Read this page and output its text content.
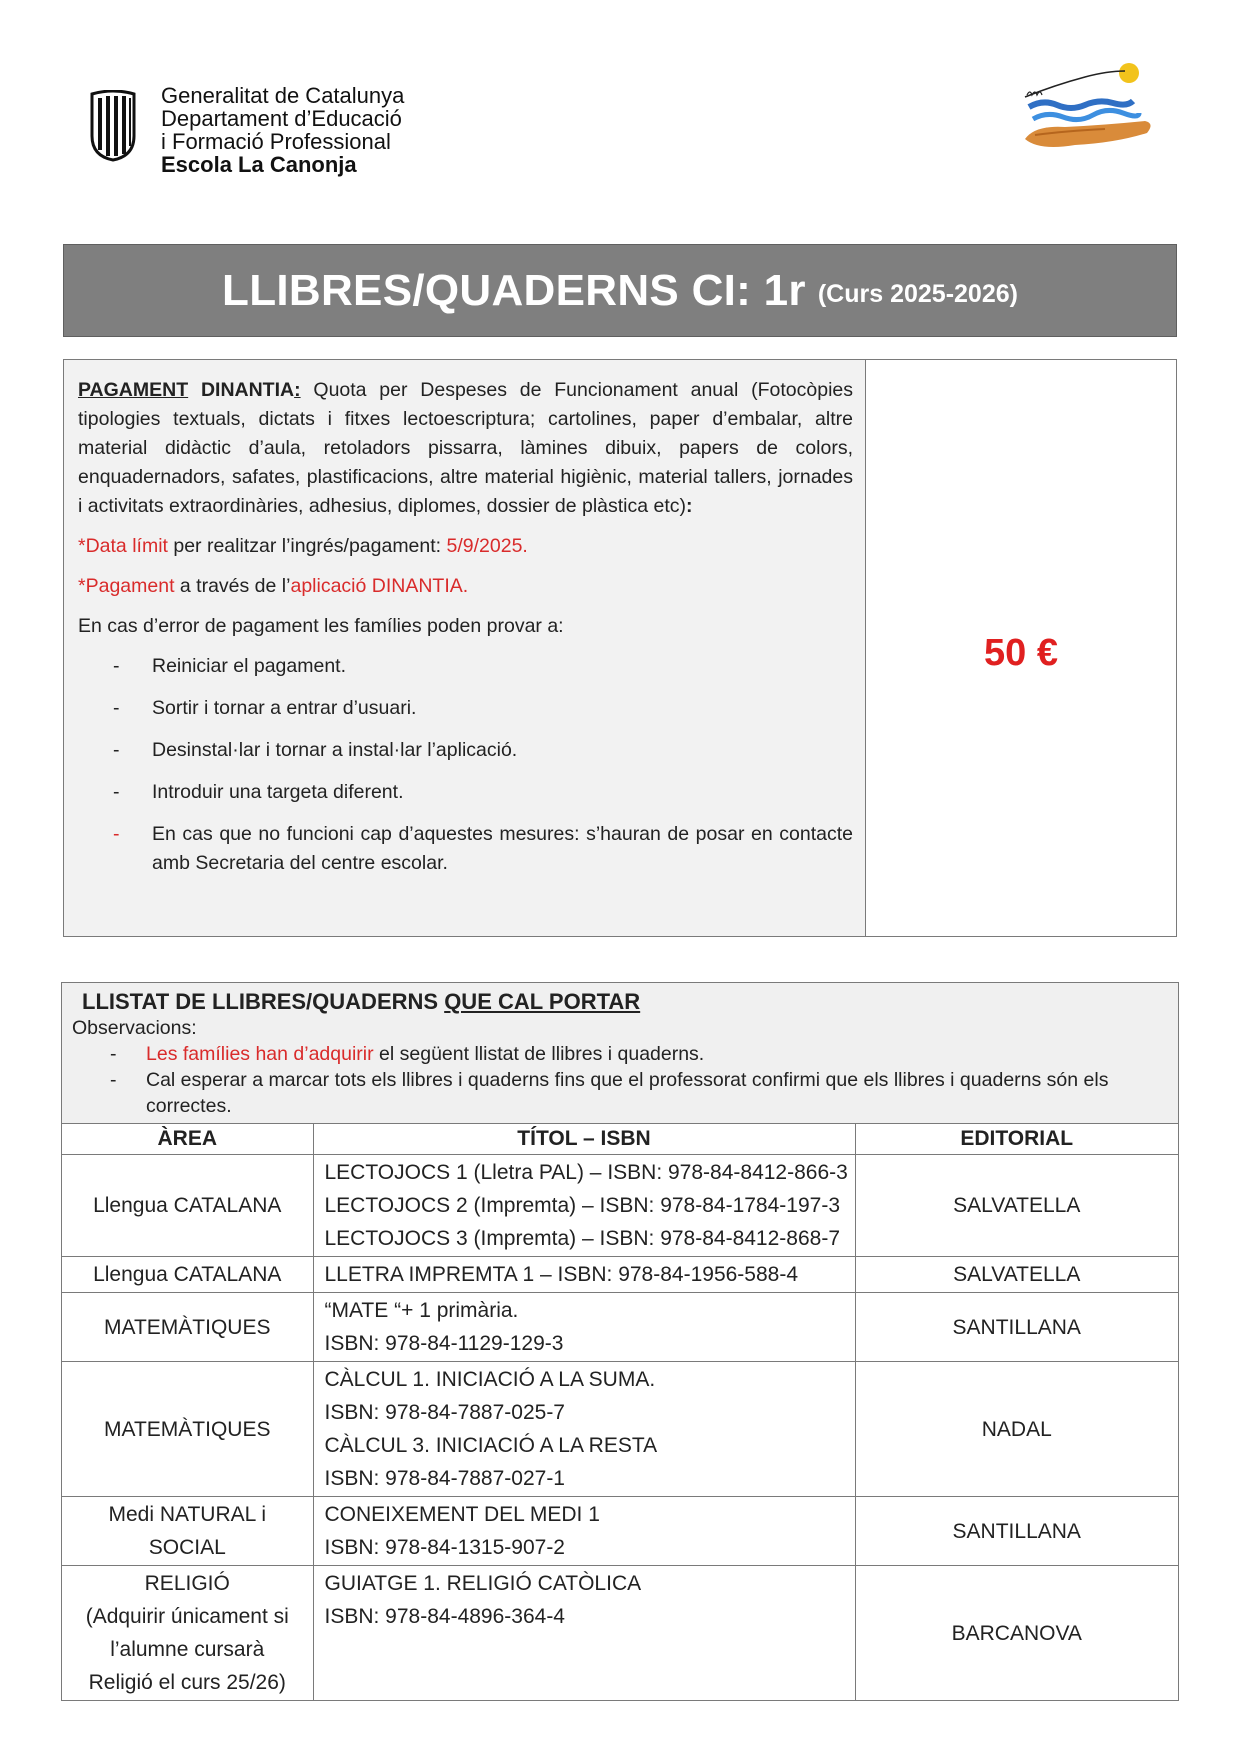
Generalitat de Catalunya
Departament d’Educació
i Formació Professional
Escola La Canonja
LLIBRES/QUADERNS CI: 1r (Curs 2025-2026)
PAGAMENT DINANTIA: Quota per Despeses de Funcionament anual (Fotocòpies tipologies textuals, dictats i fitxes lectoescriptura; cartolines, paper d’embalar, altre material didàctic d’aula, retoladors pissarra, làmines dibuix, papers de colors, enquadernadors, safates, plastificacions, altre material higiènic, material tallers, jornades i activitats extraordinàries, adhesius, diplomes, dossier de plàstica etc):
*Data límit per realitzar l’ingrés/pagament: 5/9/2025.
*Pagament a través de l’aplicació DINANTIA.
En cas d’error de pagament les famílies poden provar a:
- Reiniciar el pagament.
- Sortir i tornar a entrar d’usuari.
- Desinstal·lar i tornar a instal·lar l’aplicació.
- Introduir una targeta diferent.
- En cas que no funcioni cap d’aquestes mesures: s’hauran de posar en contacte amb Secretaria del centre escolar.
50 €
LLISTAT DE LLIBRES/QUADERNS QUE CAL PORTAR
Observacions:
- Les famílies han d’adquirir el següent llistat de llibres i quaderns.
- Cal esperar a marcar tots els llibres i quaderns fins que el professorat confirmi que els llibres i quaderns són els correctes.
ÀREA	TÍTOL – ISBN	EDITORIAL

Llengua CATALANA	LECTOJOCS 1 (Lletra PAL) – ISBN: 978-84-8412-866-3
LECTOJOCS 2 (Impremta) – ISBN: 978-84-1784-197-3
LECTOJOCS 3 (Impremta) – ISBN: 978-84-8412-868-7	SALVATELLA

Llengua CATALANA	LLETRA IMPREMTA 1 – ISBN: 978-84-1956-588-4	SALVATELLA

MATEMÀTIQUES	“MATE “+ 1 primària.
ISBN: 978-84-1129-129-3	SANTILLANA

MATEMÀTIQUES	CÀLCUL 1. INICIACIÓ A LA SUMA.
ISBN: 978-84-7887-025-7
CÀLCUL 3. INICIACIÓ A LA RESTA
ISBN: 978-84-7887-027-1	NADAL

Medi NATURAL i
SOCIAL	CONEIXEMENT DEL MEDI 1
ISBN: 978-84-1315-907-2	SANTILLANA

RELIGIÓ
(Adquirir únicament si
l’alumne cursarà
Religió el curs 25/26)	GUIATGE 1. RELIGIÓ CATÒLICA
ISBN: 978-84-4896-364-4	BARCANOVA
